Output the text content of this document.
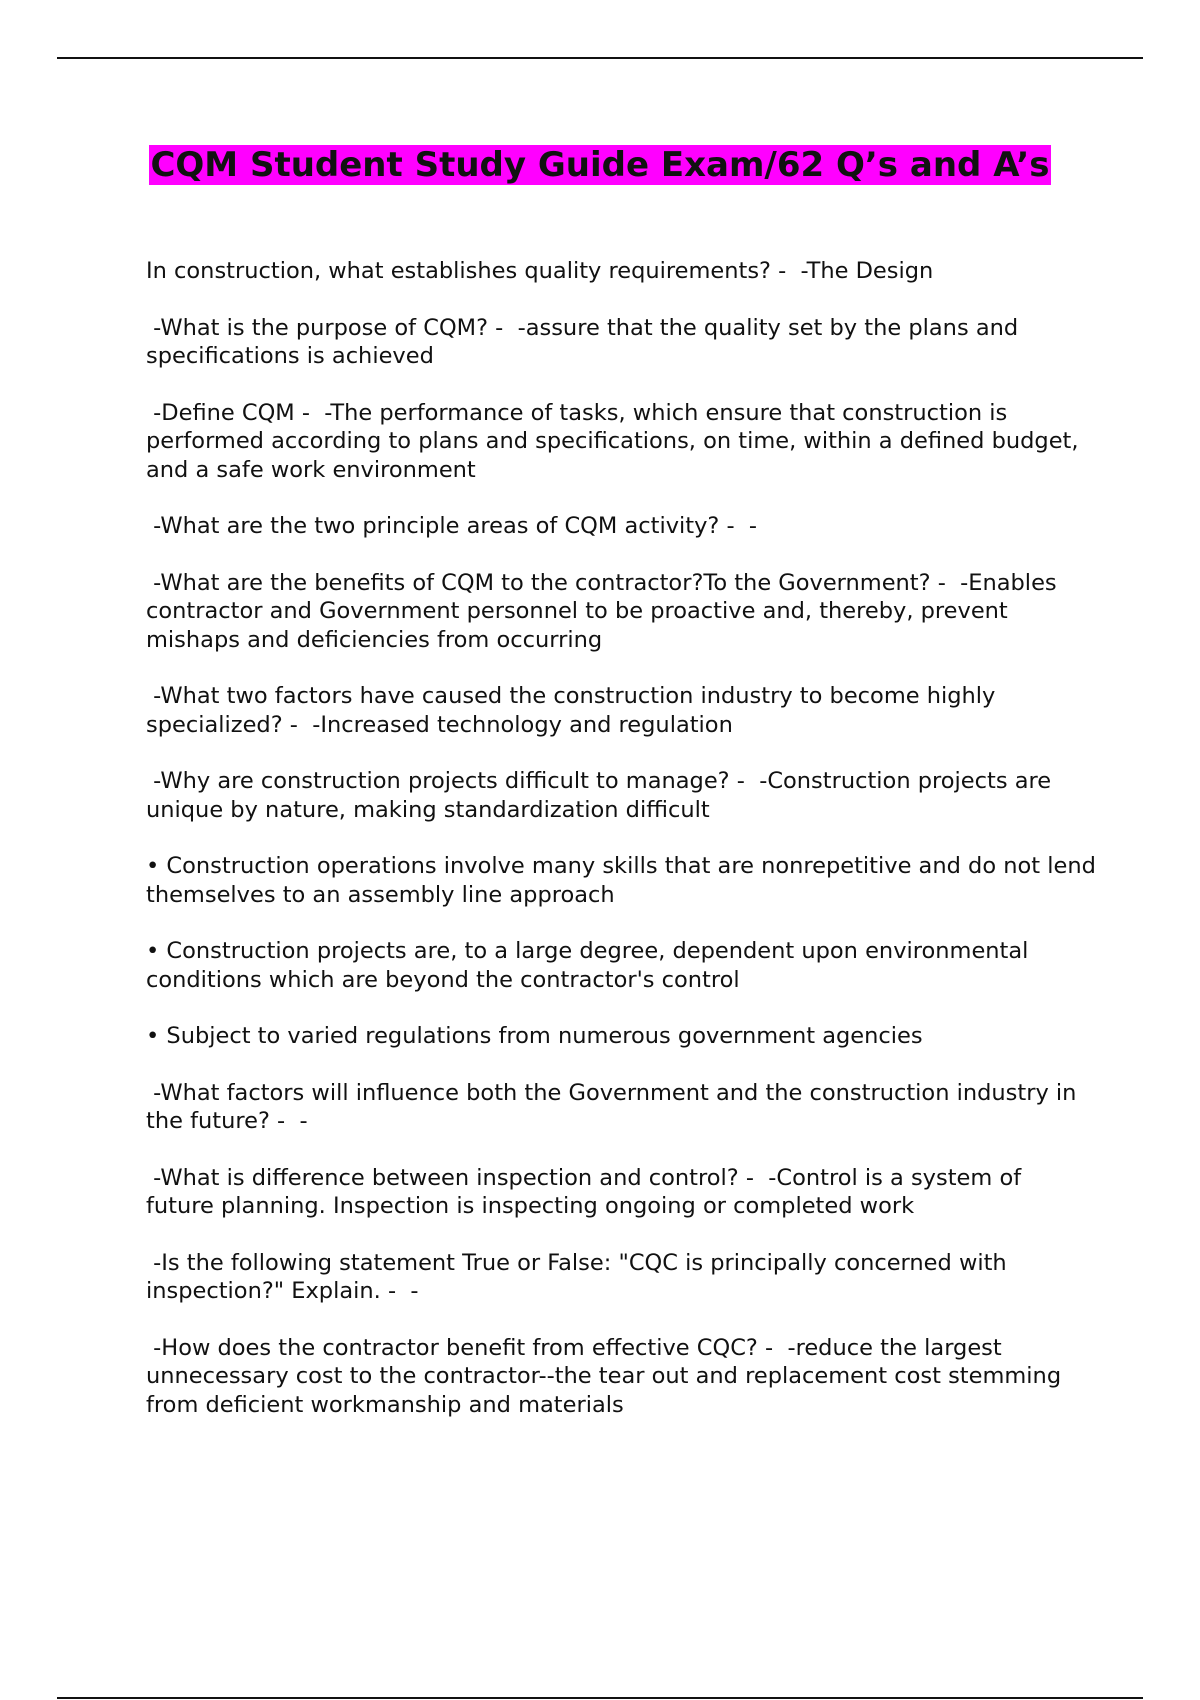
CQM Student Study Guide Exam/62 Q’s and A’s

In construction, what establishes quality requirements? -  -The Design

-What is the purpose of CQM? -  -assure that the quality set by the plans and specifications is achieved

-Define CQM -  -The performance of tasks, which ensure that construction is performed according to plans and specifications, on time, within a defined budget, and a safe work environment

-What are the two principle areas of CQM activity? -  -

-What are the benefits of CQM to the contractor?To the Government? -  -Enables contractor and Government personnel to be proactive and, thereby, prevent mishaps and deficiencies from occurring

-What two factors have caused the construction industry to become highly specialized? -  -Increased technology and regulation

-Why are construction projects difficult to manage? -  -Construction projects are unique by nature, making standardization difficult

• Construction operations involve many skills that are nonrepetitive and do not lend themselves to an assembly line approach

• Construction projects are, to a large degree, dependent upon environmental conditions which are beyond the contractor's control

• Subject to varied regulations from numerous government agencies

-What factors will influence both the Government and the construction industry in the future? -  -

-What is difference between inspection and control? -  -Control is a system of future planning. Inspection is inspecting ongoing or completed work

-Is the following statement True or False: "CQC is principally concerned with inspection?" Explain. -  -

-How does the contractor benefit from effective CQC? -  -reduce the largest unnecessary cost to the contractor--the tear out and replacement cost stemming from deficient workmanship and materials
